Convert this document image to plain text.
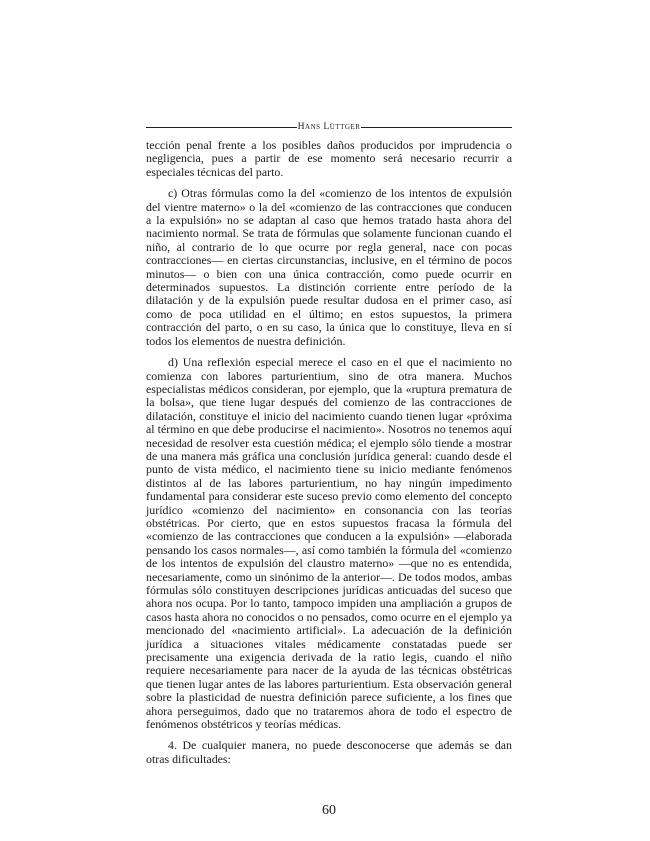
Hans Lüttger

tección penal frente a los posibles daños producidos por imprudencia o negligencia, pues a partir de ese momento será necesario recurrir a especiales técnicas del parto.

c) Otras fórmulas como la del «comienzo de los intentos de expulsión del vientre materno» o la del «comienzo de las contracciones que conducen a la expulsión» no se adaptan al caso que hemos tratado hasta ahora del nacimiento normal. Se trata de fórmulas que solamente funcionan cuando el niño, al contrario de lo que ocurre por regla general, nace con pocas contracciones— en ciertas circunstancias, inclusive, en el término de pocos minutos— o bien con una única contracción, como puede ocurrir en determinados supuestos. La distinción corriente entre período de la dilatación y de la expulsión puede resultar dudosa en el primer caso, así como de poca utilidad en el último; en estos supuestos, la primera contracción del parto, o en su caso, la única que lo constituye, lleva en sí todos los elementos de nuestra definición.

d) Una reflexión especial merece el caso en el que el nacimiento no comienza con labores parturientium, sino de otra manera. Muchos especialistas médicos consideran, por ejemplo, que la «ruptura prematura de la bolsa», que tiene lugar después del comienzo de las contracciones de dilatación, constituye el inicio del nacimiento cuando tienen lugar «próxima al término en que debe producirse el nacimiento». Nosotros no tenemos aquí necesidad de resolver esta cuestión médica; el ejemplo sólo tiende a mostrar de una manera más gráfica una conclusión jurídica general: cuando desde el punto de vista médico, el nacimiento tiene su inicio mediante fenómenos distintos al de las labores parturientium, no hay ningún impedimento fundamental para considerar este suceso previo como elemento del concepto jurídico «comienzo del nacimiento» en consonancia con las teorías obstétricas. Por cierto, que en estos supuestos fracasa la fórmula del «comienzo de las contracciones que conducen a la expulsión» —elaborada pensando los casos normales—, así como también la fórmula del «comienzo de los intentos de expulsión del claustro materno» —que no es entendida, necesariamente, como un sinónimo de la anterior—. De todos modos, ambas fórmulas sólo constituyen descripciones jurídicas anticuadas del suceso que ahora nos ocupa. Por lo tanto, tampoco impiden una ampliación a grupos de casos hasta ahora no conocidos o no pensados, como ocurre en el ejemplo ya mencionado del «nacimiento artificial». La adecuación de la definición jurídica a situaciones vitales médicamente constatadas puede ser precisamente una exigencia derivada de la ratio legis, cuando el niño requiere necesariamente para nacer de la ayuda de las técnicas obstétricas que tienen lugar antes de las labores parturientium. Esta observación general sobre la plasticidad de nuestra definición parece suficiente, a los fines que ahora perseguimos, dado que no trataremos ahora de todo el espectro de fenómenos obstétricos y teorías médicas.

4. De cualquier manera, no puede desconocerse que además se dan otras dificultades:

60
